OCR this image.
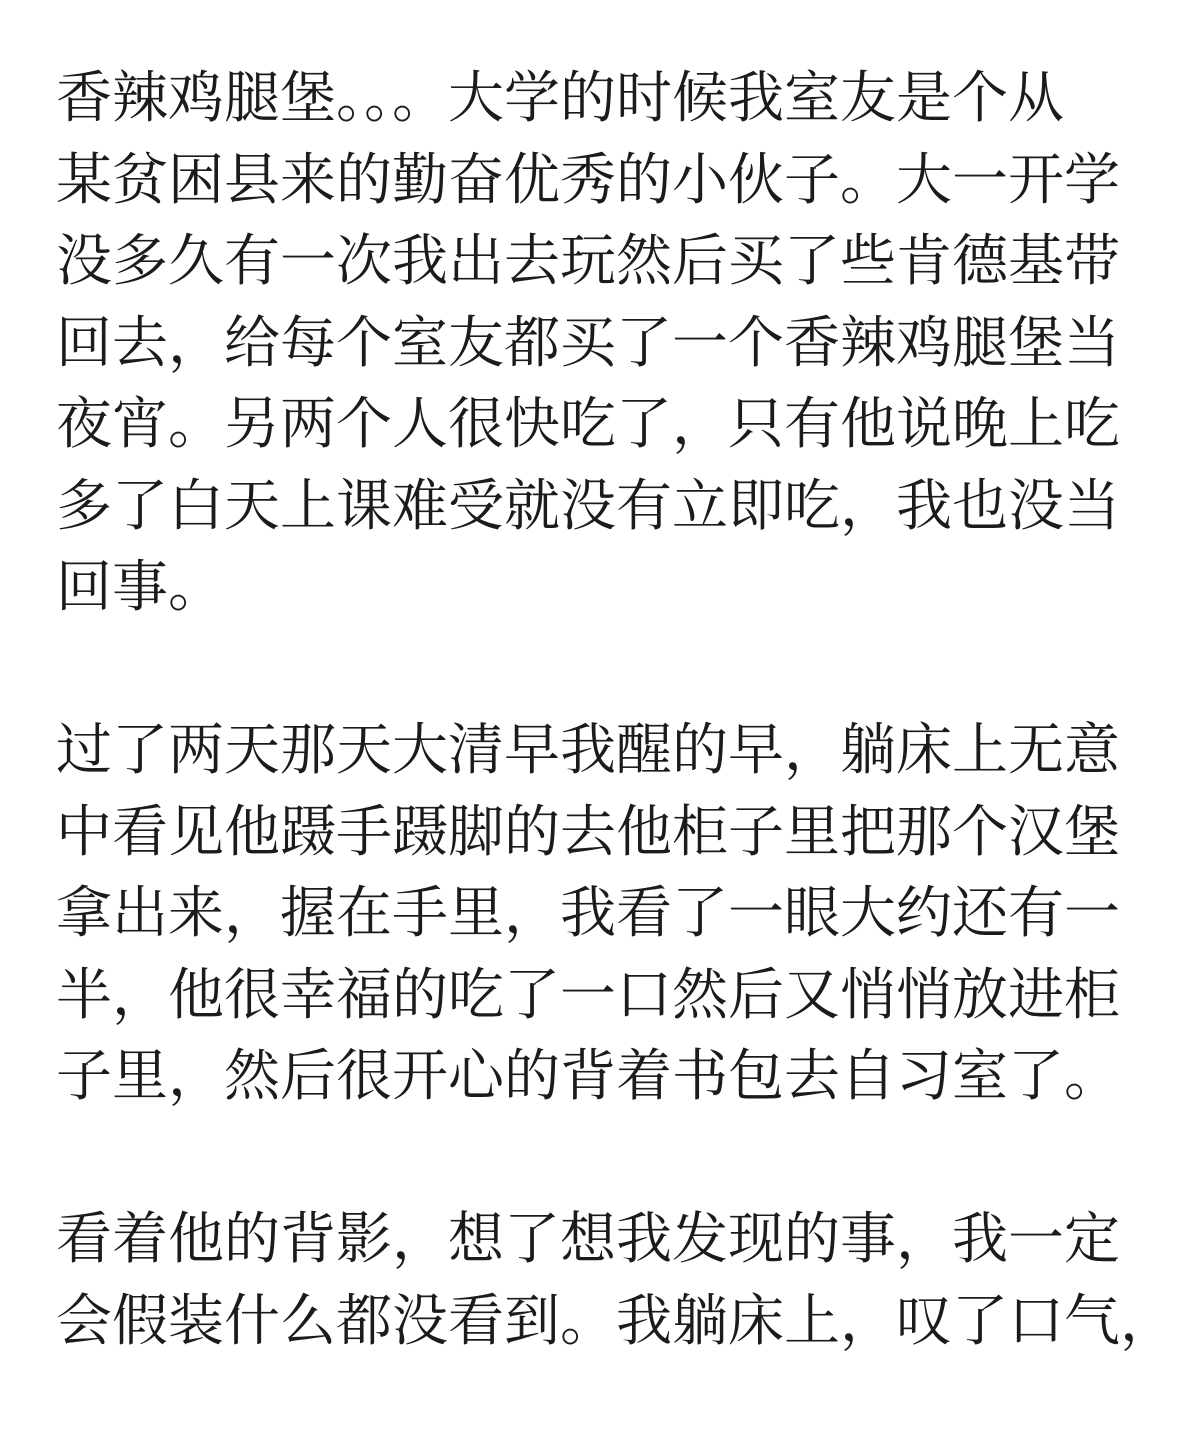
香辣鸡腿堡。。。大学的时候我室友是个从
某贫困县来的勤奋优秀的小伙子。大一开学
没多久有一次我出去玩然后买了些肯德基带
回去，给每个室友都买了一个香辣鸡腿堡当
夜宵。另两个人很快吃了，只有他说晚上吃
多了白天上课难受就没有立即吃，我也没当
回事。
过了两天那天大清早我醒的早，躺床上无意
中看见他蹑手蹑脚的去他柜子里把那个汉堡
拿出来，握在手里，我看了一眼大约还有一
半，他很幸福的吃了一口然后又悄悄放进柜
子里，然后很开心的背着书包去自习室了。
看着他的背影，想了想我发现的事，我一定
会假装什么都没看到。我躺床上，叹了口气，
